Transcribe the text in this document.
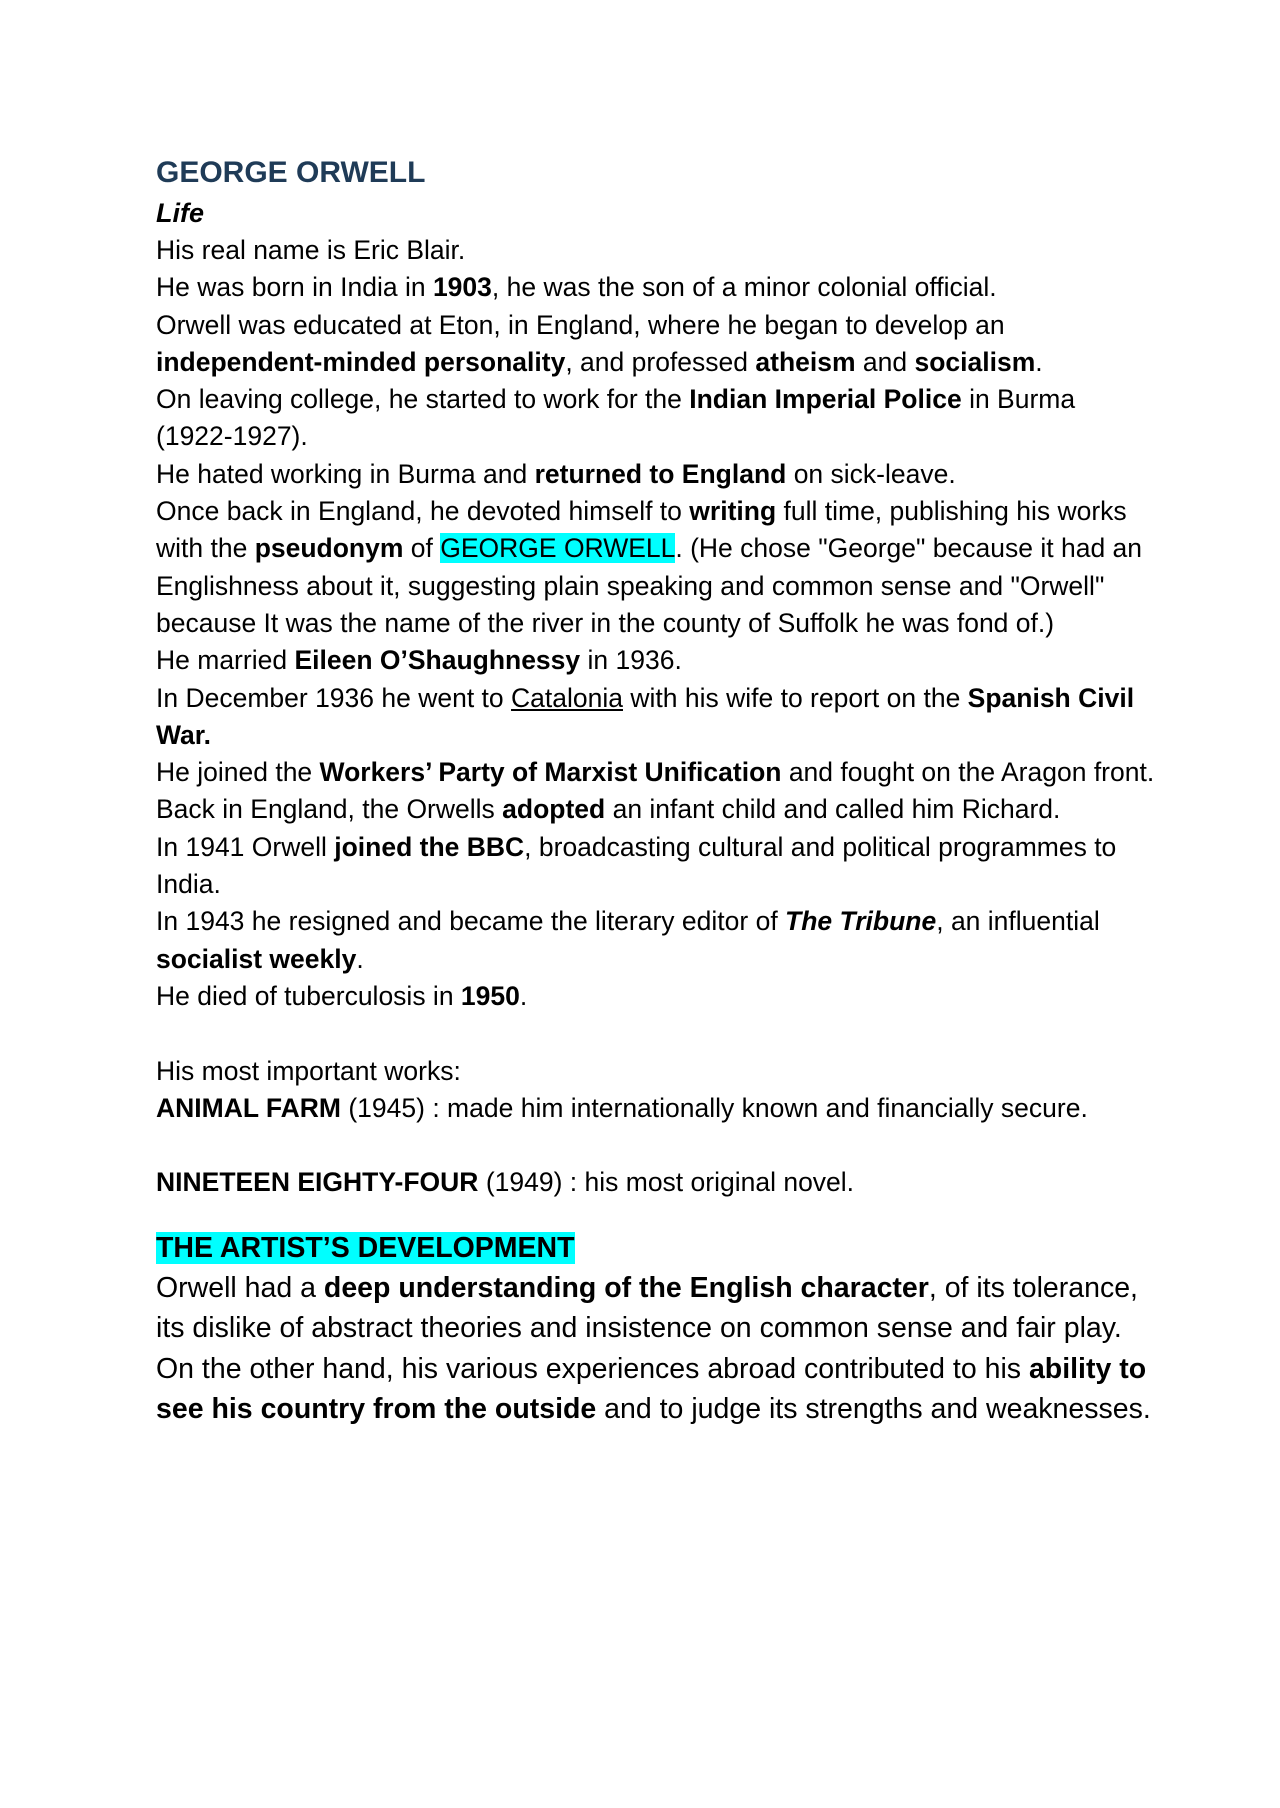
GEORGE ORWELL
Life

His real name is Eric Blair.

He was born in India in 1903, he was the son of a minor colonial official.

Orwell was educated at Eton, in England, where he began to develop an independent-minded personality, and professed atheism and socialism.

On leaving college, he started to work for the Indian Imperial Police in Burma (1922-1927).

He hated working in Burma and returned to England on sick-leave.

Once back in England, he devoted himself to writing full time, publishing his works with the pseudonym of GEORGE ORWELL. (He chose "George" because it had an Englishness about it, suggesting plain speaking and common sense and "Orwell" because It was the name of the river in the county of Suffolk he was fond of.)

He married Eileen O’Shaughnessy in 1936.

In December 1936 he went to Catalonia with his wife to report on the Spanish Civil War.

He joined the Workers’ Party of Marxist Unification and fought on the Aragon front.

Back in England, the Orwells adopted an infant child and called him Richard.

In 1941 Orwell joined the BBC, broadcasting cultural and political programmes to India.

In 1943 he resigned and became the literary editor of The Tribune, an influential socialist weekly.

He died of tuberculosis in 1950.

His most important works:

ANIMAL FARM (1945) : made him internationally known and financially secure.

NINETEEN EIGHTY-FOUR (1949) : his most original novel.

THE ARTIST’S DEVELOPMENT

Orwell had a deep understanding of the English character, of its tolerance, its dislike of abstract theories and insistence on common sense and fair play.

On the other hand, his various experiences abroad contributed to his ability to see his country from the outside and to judge its strengths and weaknesses.
